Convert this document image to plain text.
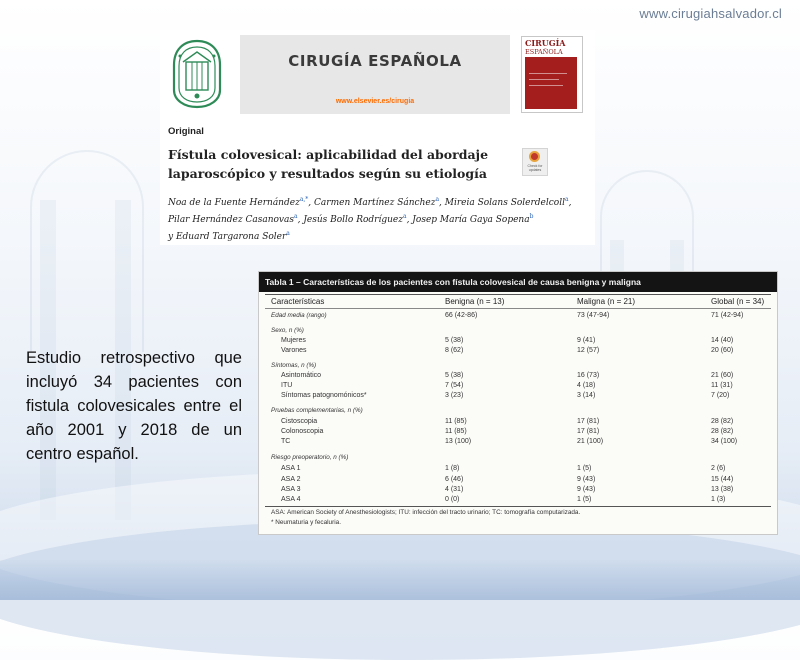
www.cirugiahsalvador.cl
CIRUGÍA ESPAÑOLA
www.elsevier.es/cirugia
CIRUGÍA
ESPAÑOLA
Original
Fístula colovesical: aplicabilidad del abordaje laparoscópico y resultados según su etiología	Check for updates
Noa de la Fuente Hernández$^{a,*}$, Carmen Martínez Sánchez$^a$, Mireia Solans Solerdelcoll$^a$,
Pilar Hernández Casanovas$^a$, Jesús Bollo Rodríguez$^a$, Josep María Gaya Sopena$^b$
y Eduard Targarona Soler$^a$
Estudio retrospectivo que incluyó 34 pacientes con fistula colovesicales entre el año 2001 y 2018 de un centro español.
Tabla 1 – Características de los pacientes con fístula colovesical de causa benigna y maligna
Características	Benigna (n = 13)	Maligna (n = 21)	Global (n = 34)
Edad media (rango)	66 (42-86)	73 (47-94)	71 (42-94)
Sexo, n (%)
Mujeres	5 (38)	9 (41)	14 (40)
Varones	8 (62)	12 (57)	20 (60)
Síntomas, n (%)
Asintomático	5 (38)	16 (73)	21 (60)
ITU	7 (54)	4 (18)	11 (31)
Síntomas patognomónicos*	3 (23)	3 (14)	7 (20)
Pruebas complementarias, n (%)
Cistoscopia	11 (85)	17 (81)	28 (82)
Colonoscopia	11 (85)	17 (81)	28 (82)
TC	13 (100)	21 (100)	34 (100)
Riesgo preoperatorio, n (%)
ASA 1	1 (8)	1 (5)	2 (6)
ASA 2	6 (46)	9 (43)	15 (44)
ASA 3	4 (31)	9 (43)	13 (38)
ASA 4	0 (0)	1 (5)	1 (3)
ASA: American Society of Anesthesiologists; ITU: infección del tracto urinario; TC: tomografía computarizada.
* Neumaturia y fecaluria.
